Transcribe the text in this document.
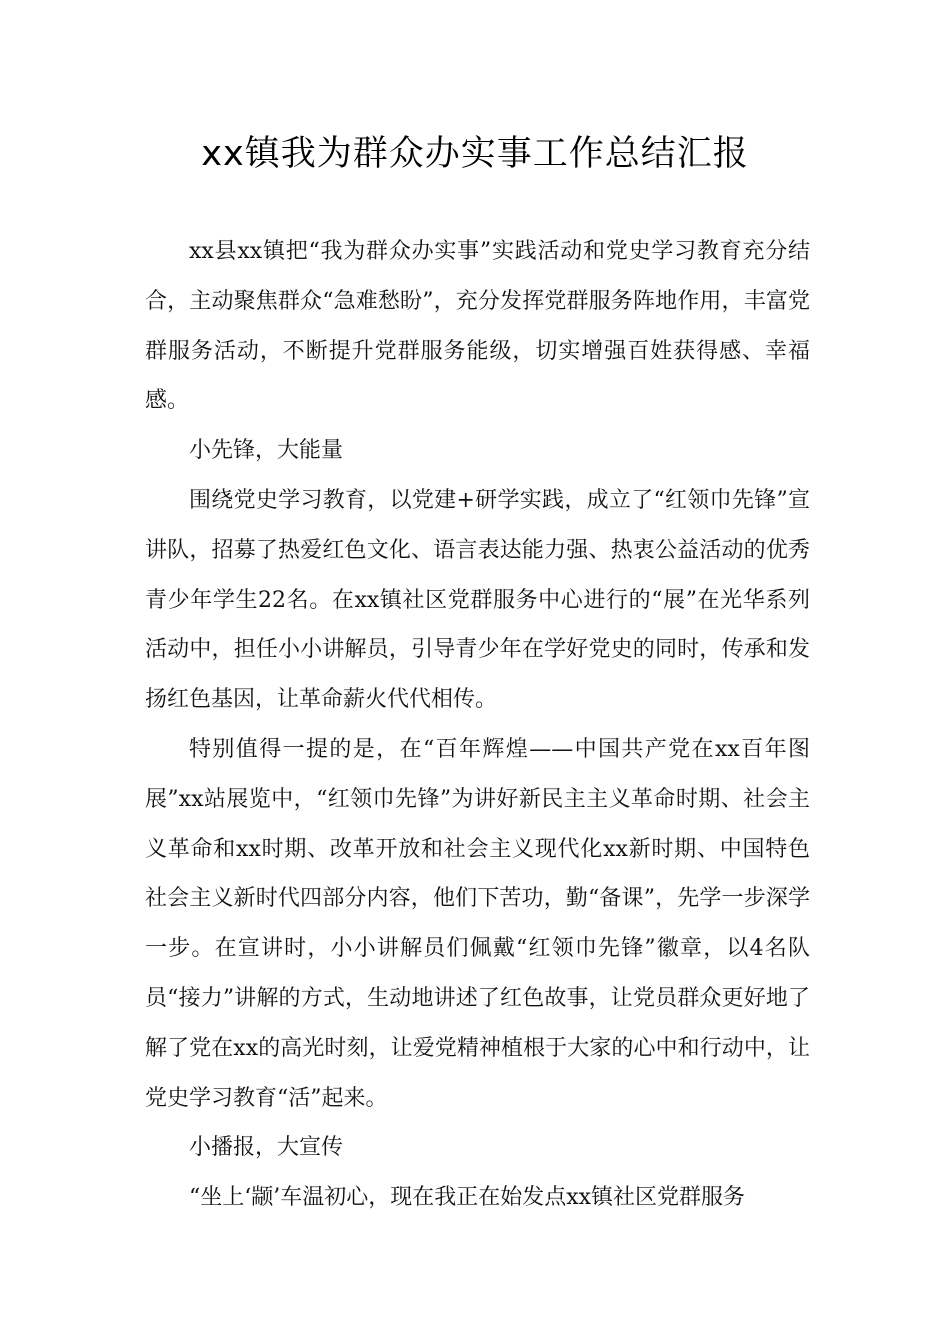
xx镇我为群众办实事工作总结汇报

xx县xx镇把“我为群众办实事”实践活动和党史学习教育充分结合，主动聚焦群众“急难愁盼”，充分发挥党群服务阵地作用，丰富党群服务活动，不断提升党群服务能级，切实增强百姓获得感、幸福感。

小先锋，大能量

围绕党史学习教育，以党建+研学实践，成立了“红领巾先锋”宣讲队，招募了热爱红色文化、语言表达能力强、热衷公益活动的优秀青少年学生22名。在xx镇社区党群服务中心进行的“展”在光华系列活动中，担任小小讲解员，引导青少年在学好党史的同时，传承和发扬红色基因，让革命薪火代代相传。

特别值得一提的是，在“百年辉煌——中国共产党在xx百年图展”xx站展览中，“红领巾先锋”为讲好新民主主义革命时期、社会主义革命和xx时期、改革开放和社会主义现代化xx新时期、中国特色社会主义新时代四部分内容，他们下苦功，勤“备课”，先学一步深学一步。在宣讲时，小小讲解员们佩戴“红领巾先锋”徽章，以4名队员“接力”讲解的方式，生动地讲述了红色故事，让党员群众更好地了解了党在xx的高光时刻，让爱党精神植根于大家的心中和行动中，让党史学习教育“活”起来。

小播报，大宣传

“坐上‘颛’车温初心，现在我正在始发点xx镇社区党群服务
